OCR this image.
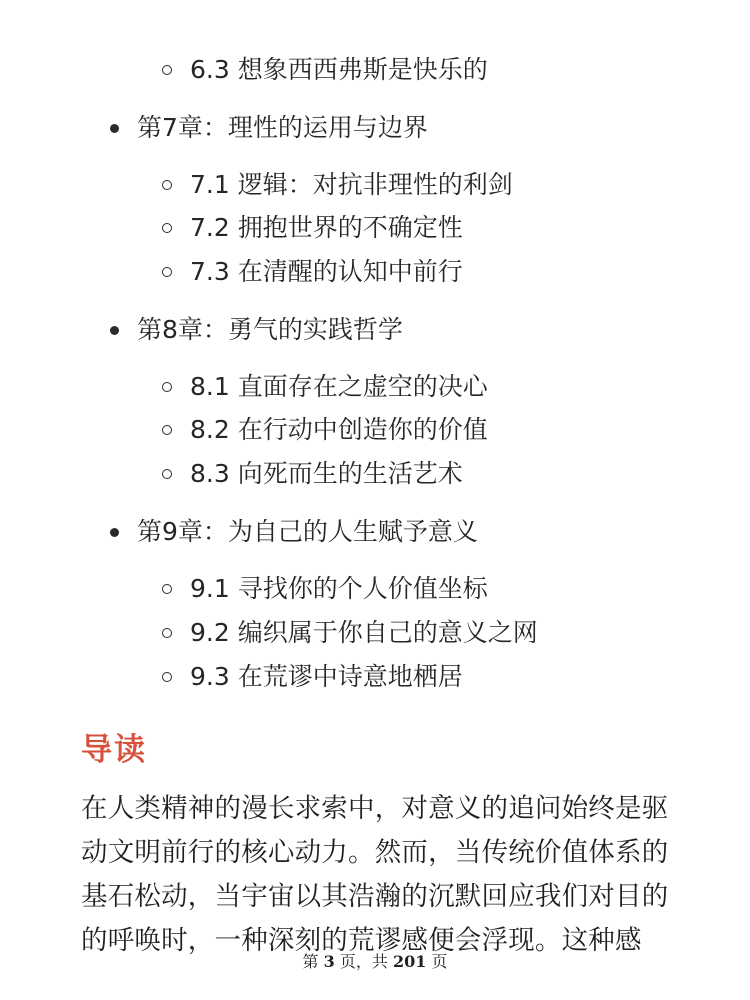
6.3 想象西西弗斯是快乐的
第7章：理性的运用与边界
7.1 逻辑：对抗非理性的利剑
7.2 拥抱世界的不确定性
7.3 在清醒的认知中前行
第8章：勇气的实践哲学
8.1 直面存在之虚空的决心
8.2 在行动中创造你的价值
8.3 向死而生的生活艺术
第9章：为自己的人生赋予意义
9.1 寻找你的个人价值坐标
9.2 编织属于你自己的意义之网
9.3 在荒谬中诗意地栖居
导读
在人类精神的漫长求索中，对意义的追问始终是驱
动文明前行的核心动力。然而，当传统价值体系的
基石松动，当宇宙以其浩瀚的沉默回应我们对目的
的呼唤时，一种深刻的荒谬感便会浮现。这种感
第 3 页，共 201 页
